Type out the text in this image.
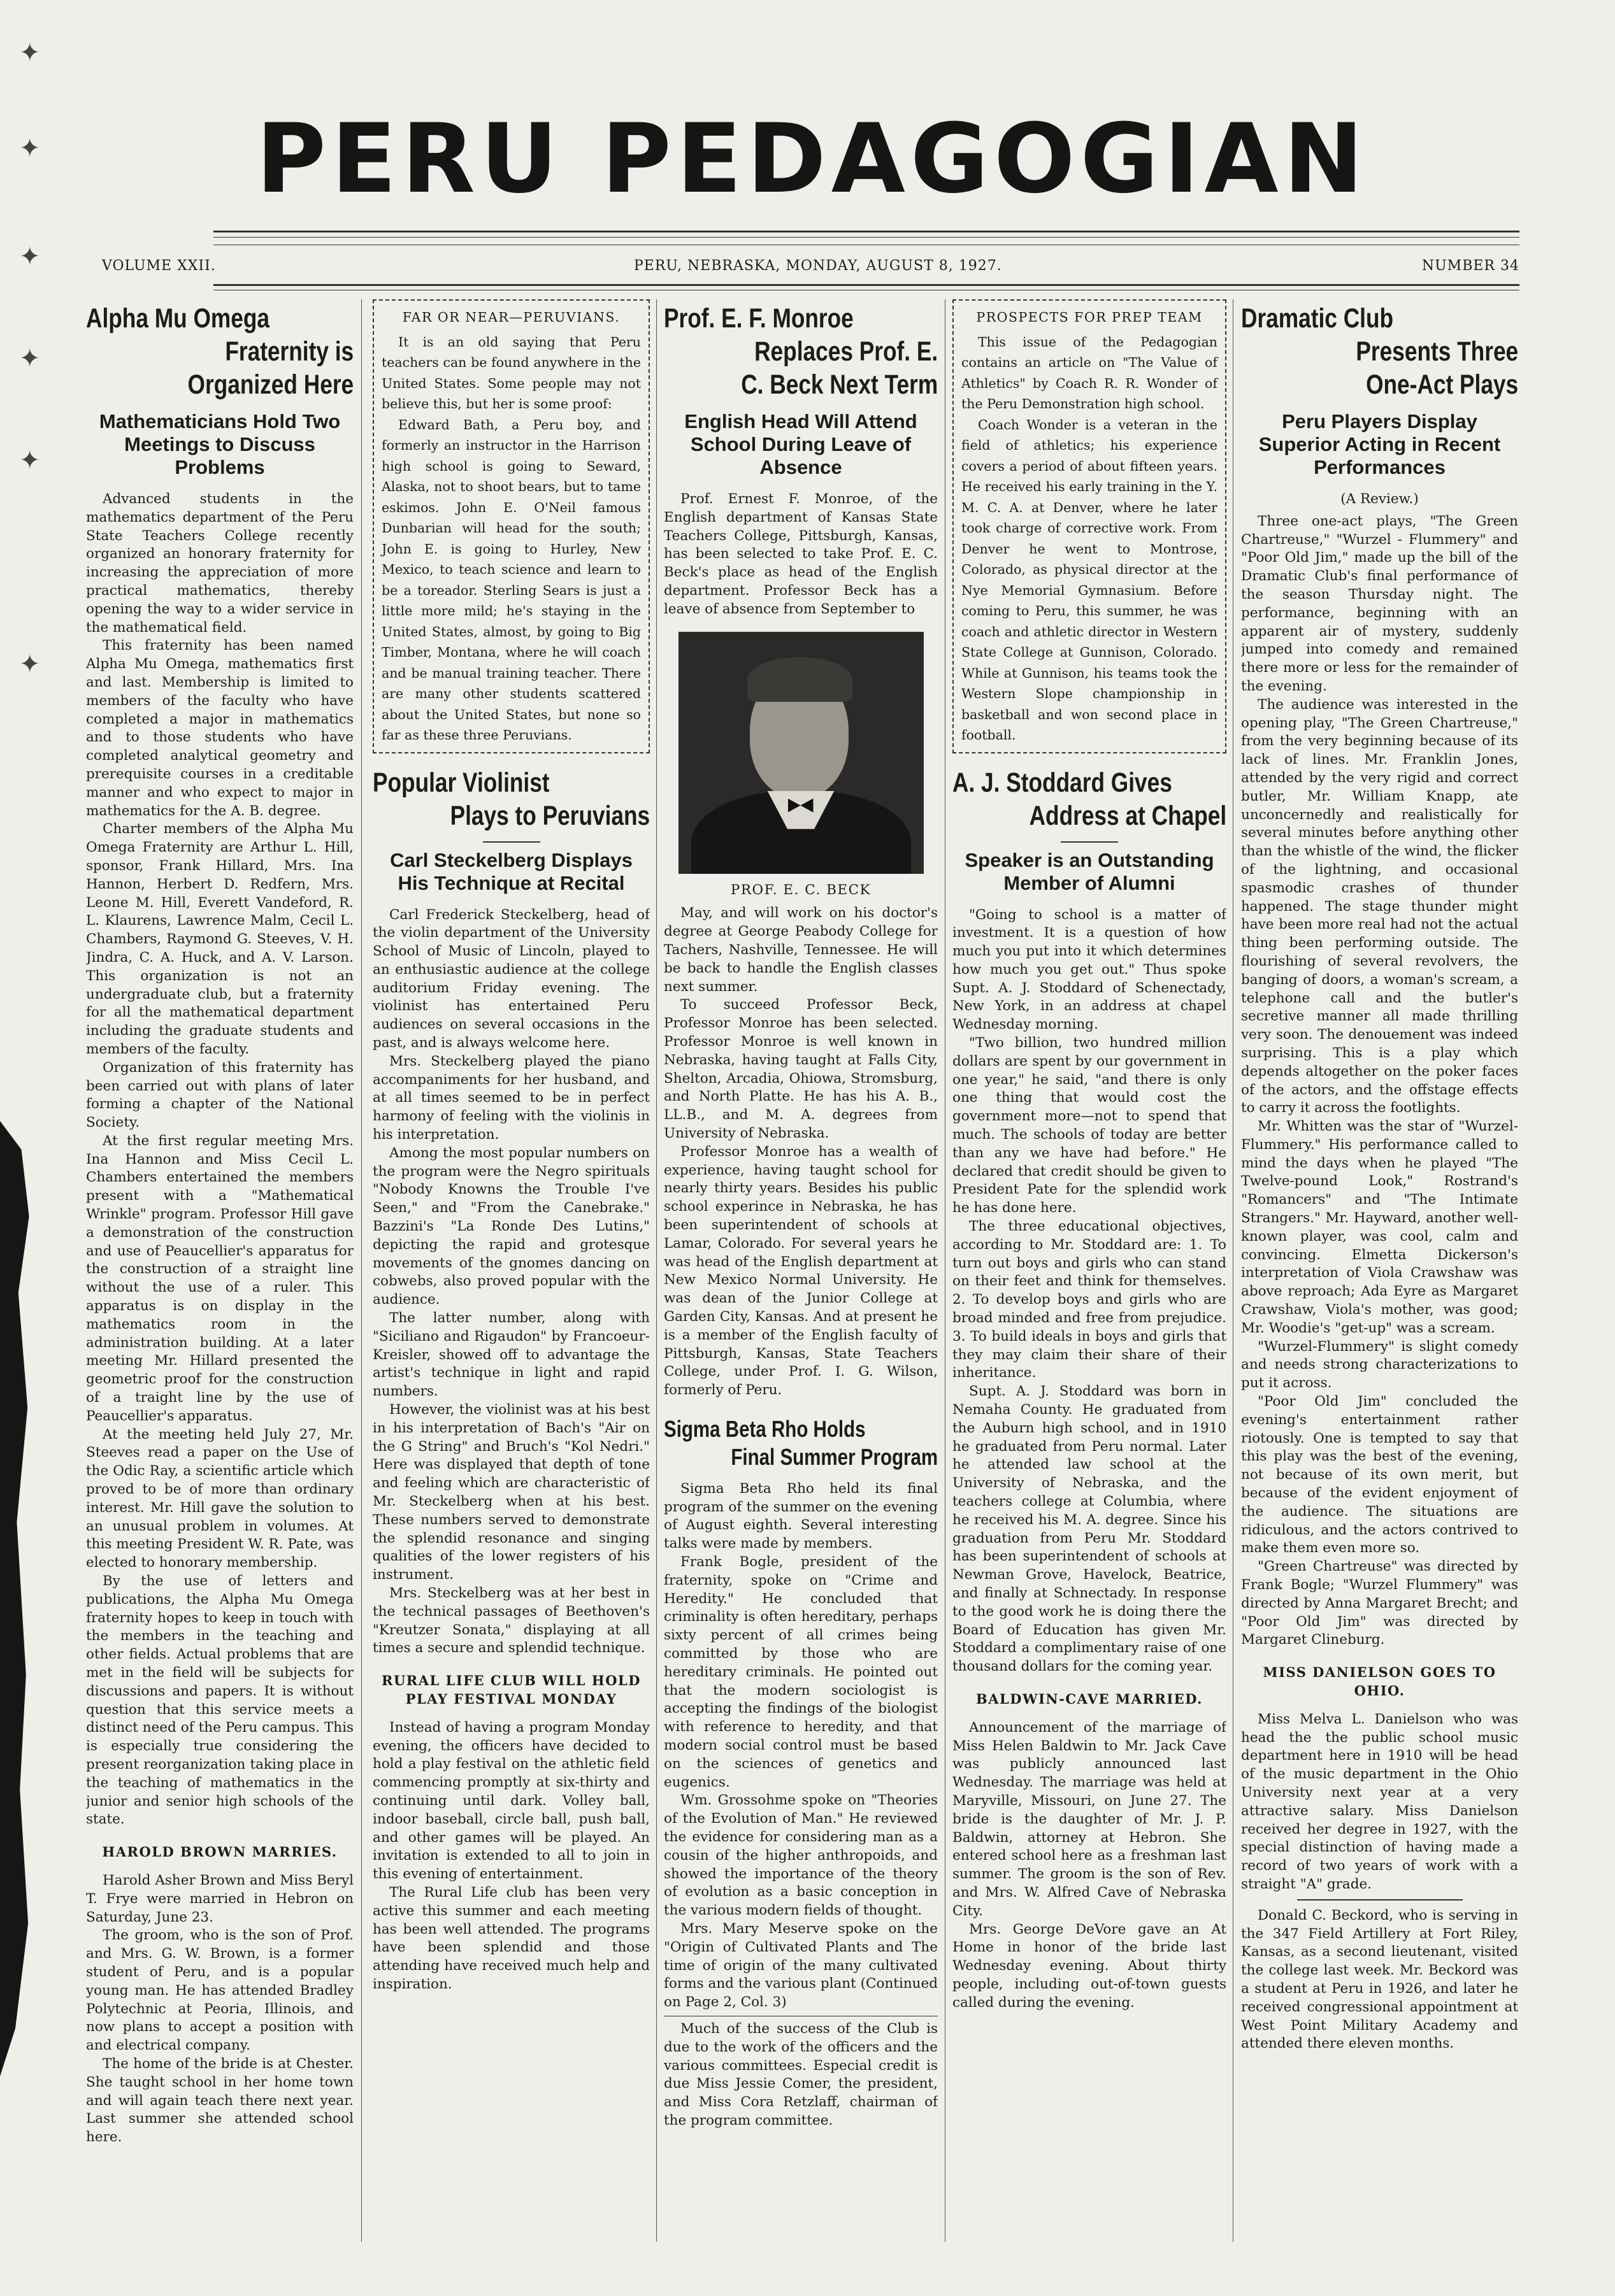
✦
✦
✦
✦
✦
✦
PERU PEDAGOGIAN
VOLUME XXII.	PERU, NEBRASKA, MONDAY, AUGUST 8, 1927.	NUMBER 34
Alpha Mu Omega
Fraternity is
Organized Here
Mathematicians Hold Two Meetings to Discuss Problems

Advanced students in the mathematics department of the Peru State Teachers College recently organized an honorary fraternity for increasing the appreciation of more practical mathematics, thereby opening the way to a wider service in the mathematical field.

This fraternity has been named Alpha Mu Omega, mathematics first and last. Membership is limited to members of the faculty who have completed a major in mathematics and to those students who have completed analytical geometry and prerequisite courses in a creditable manner and who expect to major in mathematics for the A. B. degree.

Charter members of the Alpha Mu Omega Fraternity are Arthur L. Hill, sponsor, Frank Hillard, Mrs. Ina Hannon, Herbert D. Redfern, Mrs. Leone M. Hill, Everett Vandeford, R. L. Klaurens, Lawrence Malm, Cecil L. Chambers, Raymond G. Steeves, V. H. Jindra, C. A. Huck, and A. V. Larson. This organization is not an undergraduate club, but a fraternity for all the mathematical department including the graduate students and members of the faculty.

Organization of this fraternity has been carried out with plans of later forming a chapter of the National Society.

At the first regular meeting Mrs. Ina Hannon and Miss Cecil L. Chambers entertained the members present with a "Mathematical Wrinkle" program. Professor Hill gave a demonstration of the construction and use of Peaucellier's apparatus for the construction of a straight line without the use of a ruler. This apparatus is on display in the mathematics room in the administration building. At a later meeting Mr. Hillard presented the geometric proof for the construction of a traight line by the use of Peaucellier's apparatus.

At the meeting held July 27, Mr. Steeves read a paper on the Use of the Odic Ray, a scientific article which proved to be of more than ordinary interest. Mr. Hill gave the solution to an unusual problem in volumes. At this meeting President W. R. Pate, was elected to honorary membership.

By the use of letters and publications, the Alpha Mu Omega fraternity hopes to keep in touch with the members in the teaching and other fields. Actual problems that are met in the field will be subjects for discussions and papers. It is without question that this service meets a distinct need of the Peru campus. This is especially true considering the present reorganization taking place in the teaching of mathematics in the junior and senior high schools of the state.

HAROLD BROWN MARRIES.

Harold Asher Brown and Miss Beryl T. Frye were married in Hebron on Saturday, June 23.

The groom, who is the son of Prof. and Mrs. G. W. Brown, is a former student of Peru, and is a popular young man. He has attended Bradley Polytechnic at Peoria, Illinois, and now plans to accept a position with and electrical company.

The home of the bride is at Chester. She taught school in her home town and will again teach there next year. Last summer she attended school here.

FAR OR NEAR—PERUVIANS.

It is an old saying that Peru teachers can be found anywhere in the United States. Some people may not believe this, but her is some proof:

Edward Bath, a Peru boy, and formerly an instructor in the Harrison high school is going to Seward, Alaska, not to shoot bears, but to tame eskimos. John E. O'Neil famous Dunbarian will head for the south; John E. is going to Hurley, New Mexico, to teach science and learn to be a toreador. Sterling Sears is just a little more mild; he's staying in the United States, almost, by going to Big Timber, Montana, where he will coach and be manual training teacher. There are many other students scattered about the United States, but none so far as these three Peruvians.

Popular Violinist
Plays to Peruvians
Carl Steckelberg Displays His Technique at Recital

Carl Frederick Steckelberg, head of the violin department of the University School of Music of Lincoln, played to an enthusiastic audience at the college auditorium Friday evening. The violinist has entertained Peru audiences on several occasions in the past, and is always welcome here.

Mrs. Steckelberg played the piano accompaniments for her husband, and at all times seemed to be in perfect harmony of feeling with the violinis in his interpretation.

Among the most popular numbers on the program were the Negro spirituals "Nobody Knowns the Trouble I've Seen," and "From the Canebrake." Bazzini's "La Ronde Des Lutins," depicting the rapid and grotesque movements of the gnomes dancing on cobwebs, also proved popular with the audience.

The latter number, along with "Siciliano and Rigaudon" by Francoeur-Kreisler, showed off to advantage the artist's technique in light and rapid numbers.

However, the violinist was at his best in his interpretation of Bach's "Air on the G String" and Bruch's "Kol Nedri." Here was displayed that depth of tone and feeling which are characteristic of Mr. Steckelberg when at his best. These numbers served to demonstrate the splendid resonance and singing qualities of the lower registers of his instrument.

Mrs. Steckelberg was at her best in the technical passages of Beethoven's "Kreutzer Sonata," displaying at all times a secure and splendid technique.

RURAL LIFE CLUB WILL HOLD PLAY FESTIVAL MONDAY

Instead of having a program Monday evening, the officers have decided to hold a play festival on the athletic field commencing promptly at six-thirty and continuing until dark. Volley ball, indoor baseball, circle ball, push ball, and other games will be played. An invitation is extended to all to join in this evening of entertainment.

The Rural Life club has been very active this summer and each meeting has been well attended. The programs have been splendid and those attending have received much help and inspiration.

Prof. E. F. Monroe
Replaces Prof. E.
C. Beck Next Term
English Head Will Attend School During Leave of Absence

Prof. Ernest F. Monroe, of the English department of Kansas State Teachers College, Pittsburgh, Kansas, has been selected to take Prof. E. C. Beck's place as head of the English department. Professor Beck has a leave of absence from September to

PROF. E. C. BECK

May, and will work on his doctor's degree at George Peabody College for Tachers, Nashville, Tennessee. He will be back to handle the English classes next summer.

To succeed Professor Beck, Professor Monroe has been selected. Professor Monroe is well known in Nebraska, having taught at Falls City, Shelton, Arcadia, Ohiowa, Stromsburg, and North Platte. He has his A. B., LL.B., and M. A. degrees from University of Nebraska.

Professor Monroe has a wealth of experience, having taught school for nearly thirty years. Besides his public school experince in Nebraska, he has been superintendent of schools at Lamar, Colorado. For several years he was head of the English department at New Mexico Normal University. He was dean of the Junior College at Garden City, Kansas. And at present he is a member of the English faculty of Pittsburgh, Kansas, State Teachers College, under Prof. I. G. Wilson, formerly of Peru.

Sigma Beta Rho Holds
Final Summer Program

Sigma Beta Rho held its final program of the summer on the evening of August eighth. Several interesting talks were made by members.

Frank Bogle, president of the fraternity, spoke on "Crime and Heredity." He concluded that criminality is often hereditary, perhaps sixty percent of all crimes being committed by those who are hereditary criminals. He pointed out that the modern sociologist is accepting the findings of the biologist with reference to heredity, and that modern social control must be based on the sciences of genetics and eugenics.

Wm. Grossohme spoke on "Theories of the Evolution of Man." He reviewed the evidence for considering man as a cousin of the higher anthropoids, and showed the importance of the theory of evolution as a basic conception in the various modern fields of thought.

Mrs. Mary Meserve spoke on the "Origin of Cultivated Plants and The time of origin of the many cultivated forms and the various plant (Continued on Page 2, Col. 3)

Much of the success of the Club is due to the work of the officers and the various committees. Especial credit is due Miss Jessie Comer, the president, and Miss Cora Retzlaff, chairman of the program committee.

PROSPECTS FOR PREP TEAM

This issue of the Pedagogian contains an article on "The Value of Athletics" by Coach R. R. Wonder of the Peru Demonstration high school.

Coach Wonder is a veteran in the field of athletics; his experience covers a period of about fifteen years. He received his early training in the Y. M. C. A. at Denver, where he later took charge of corrective work. From Denver he went to Montrose, Colorado, as physical director at the Nye Memorial Gymnasium. Before coming to Peru, this summer, he was coach and athletic director in Western State College at Gunnison, Colorado. While at Gunnison, his teams took the Western Slope championship in basketball and won second place in football.

A. J. Stoddard Gives
Address at Chapel
Speaker is an Outstanding Member of Alumni

"Going to school is a matter of investment. It is a question of how much you put into it which determines how much you get out." Thus spoke Supt. A. J. Stoddard of Schenectady, New York, in an address at chapel Wednesday morning.

"Two billion, two hundred million dollars are spent by our government in one year," he said, "and there is only one thing that would cost the government more—not to spend that much. The schools of today are better than any we have had before." He declared that credit should be given to President Pate for the splendid work he has done here.

The three educational objectives, according to Mr. Stoddard are: 1. To turn out boys and girls who can stand on their feet and think for themselves. 2. To develop boys and girls who are broad minded and free from prejudice. 3. To build ideals in boys and girls that they may claim their share of their inheritance.

Supt. A. J. Stoddard was born in Nemaha County. He graduated from the Auburn high school, and in 1910 he graduated from Peru normal. Later he attended law school at the University of Nebraska, and the teachers college at Columbia, where he received his M. A. degree. Since his graduation from Peru Mr. Stoddard has been superintendent of schools at Newman Grove, Havelock, Beatrice, and finally at Schnectady. In response to the good work he is doing there the Board of Education has given Mr. Stoddard a complimentary raise of one thousand dollars for the coming year.

BALDWIN-CAVE MARRIED.

Announcement of the marriage of Miss Helen Baldwin to Mr. Jack Cave was publicly announced last Wednesday. The marriage was held at Maryville, Missouri, on June 27. The bride is the daughter of Mr. J. P. Baldwin, attorney at Hebron. She entered school here as a freshman last summer. The groom is the son of Rev. and Mrs. W. Alfred Cave of Nebraska City.

Mrs. George DeVore gave an At Home in honor of the bride last Wednesday evening. About thirty people, including out-of-town guests called during the evening.

Dramatic Club
Presents Three
One-Act Plays
Peru Players Display Superior Acting in Recent Performances
(A Review.)

Three one-act plays, "The Green Chartreuse," "Wurzel - Flummery" and "Poor Old Jim," made up the bill of the Dramatic Club's final performance of the season Thursday night. The performance, beginning with an apparent air of mystery, suddenly jumped into comedy and remained there more or less for the remainder of the evening.

The audience was interested in the opening play, "The Green Chartreuse," from the very beginning because of its lack of lines. Mr. Franklin Jones, attended by the very rigid and correct butler, Mr. William Knapp, ate unconcernedly and realistically for several minutes before anything other than the whistle of the wind, the flicker of the lightning, and occasional spasmodic crashes of thunder happened. The stage thunder might have been more real had not the actual thing been performing outside. The flourishing of several revolvers, the banging of doors, a woman's scream, a telephone call and the butler's secretive manner all made thrilling very soon. The denouement was indeed surprising. This is a play which depends altogether on the poker faces of the actors, and the offstage effects to carry it across the footlights.

Mr. Whitten was the star of "Wurzel-Flummery." His performance called to mind the days when he played "The Twelve-pound Look," Rostrand's "Romancers" and "The Intimate Strangers." Mr. Hayward, another well-known player, was cool, calm and convincing. Elmetta Dickerson's interpretation of Viola Crawshaw was above reproach; Ada Eyre as Margaret Crawshaw, Viola's mother, was good; Mr. Woodie's "get-up" was a scream.

"Wurzel-Flummery" is slight comedy and needs strong characterizations to put it across.

"Poor Old Jim" concluded the evening's entertainment rather riotously. One is tempted to say that this play was the best of the evening, not because of its own merit, but because of the evident enjoyment of the audience. The situations are ridiculous, and the actors contrived to make them even more so.

"Green Chartreuse" was directed by Frank Bogle; "Wurzel Flummery" was directed by Anna Margaret Brecht; and "Poor Old Jim" was directed by Margaret Clineburg.

MISS DANIELSON GOES TO OHIO.

Miss Melva L. Danielson who was head the the public school music department here in 1910 will be head of the music department in the Ohio University next year at a very attractive salary. Miss Danielson received her degree in 1927, with the special distinction of having made a record of two years of work with a straight "A" grade.

Donald C. Beckord, who is serving in the 347 Field Artillery at Fort Riley, Kansas, as a second lieutenant, visited the college last week. Mr. Beckord was a student at Peru in 1926, and later he received congressional appointment at West Point Military Academy and attended there eleven months.
